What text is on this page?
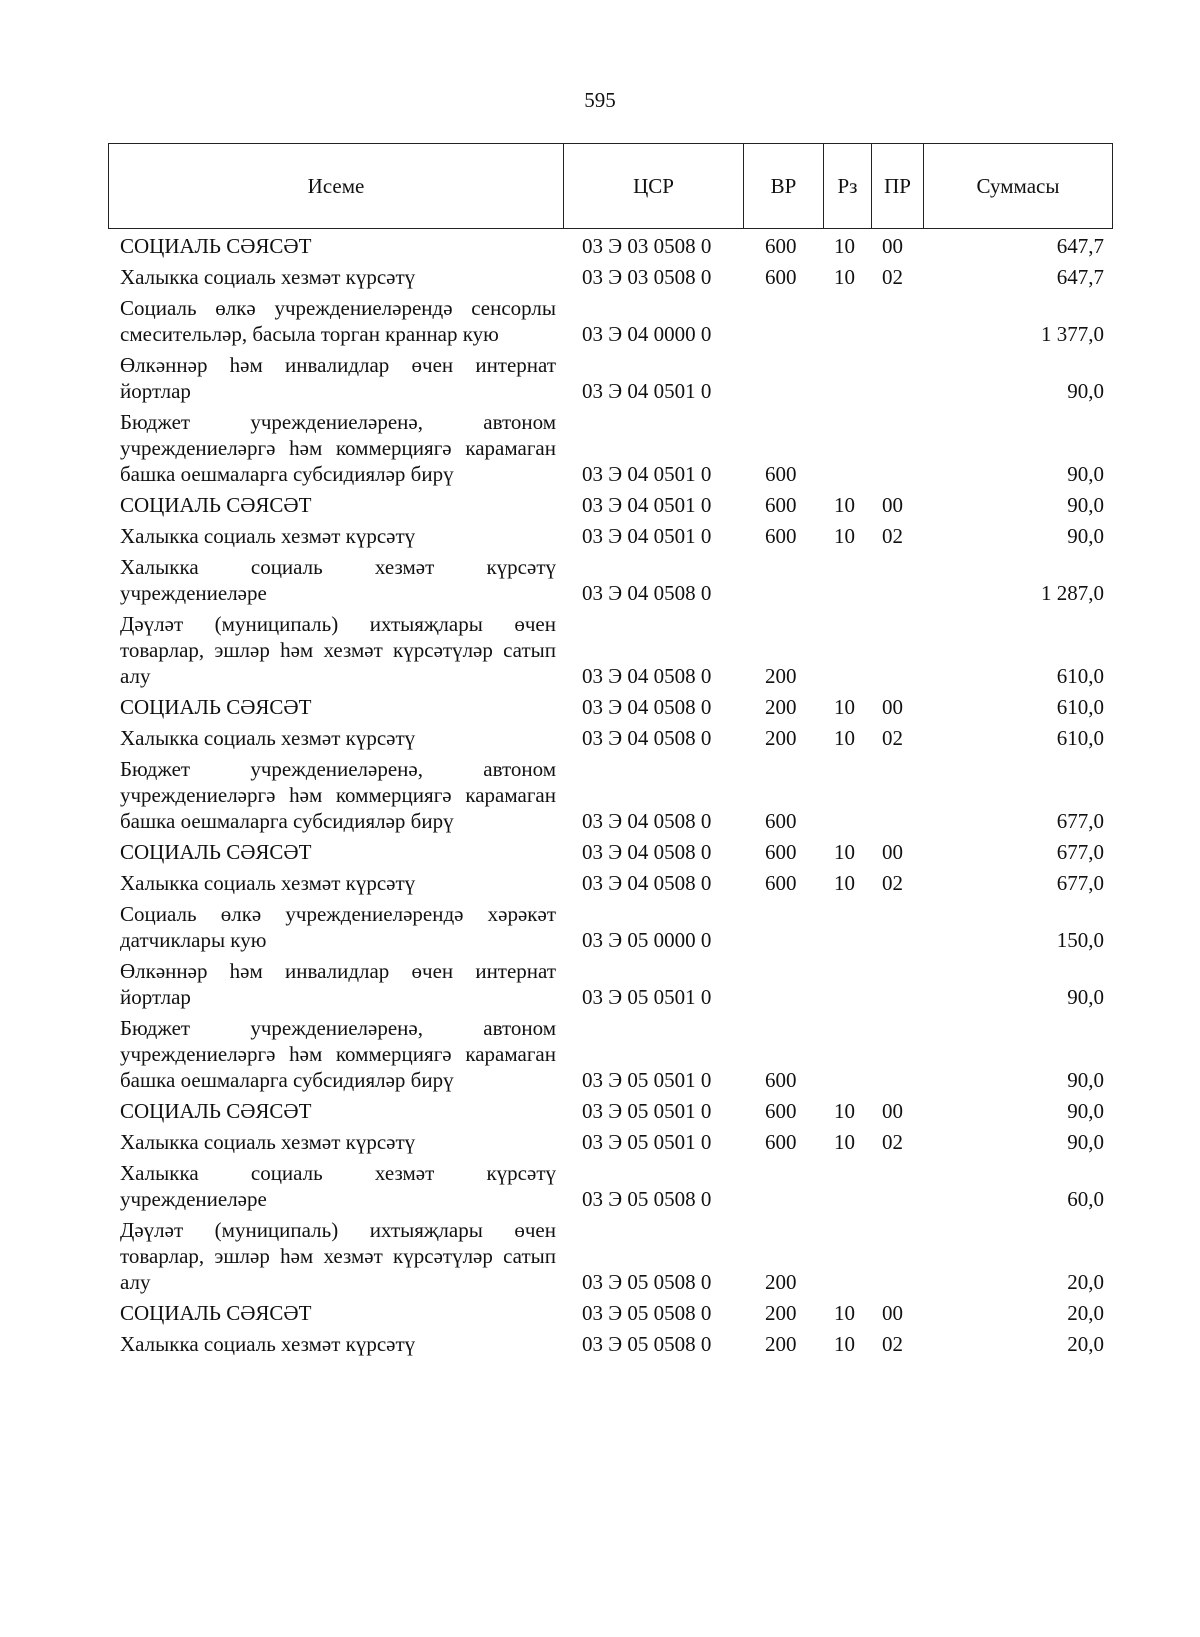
595
Исеме	ЦСР	ВР	Рз	ПР	Суммасы
СОЦИАЛЬ СӘЯСӘТ	03 Э 03 0508 0	600 10 00	647,7
Халыкка социаль хезмәт күрсәтү	03 Э 03 0508 0	600 10 02	647,7
Социаль өлкә учреждениеләрендә сенсорлы смесительләр, басыла торган краннар кую	03 Э 04 0000 0	1 377,0
Өлкәннәр һәм инвалидлар өчен интернат йортлар	03 Э 04 0501 0	90,0
Бюджет учреждениеләренә, автоном учреждениеләргә һәм коммерциягә карамаган башка оешмаларга субсидияләр бирү	03 Э 04 0501 0	600	90,0
СОЦИАЛЬ СӘЯСӘТ	03 Э 04 0501 0	600 10 00	90,0
Халыкка социаль хезмәт күрсәтү	03 Э 04 0501 0	600 10 02	90,0
Халыкка социаль хезмәт күрсәтү учреждениеләре	03 Э 04 0508 0	1 287,0
Дәүләт (муниципаль) ихтыяҗлары өчен товарлар, эшләр һәм хезмәт күрсәтүләр сатып алу	03 Э 04 0508 0	200	610,0
СОЦИАЛЬ СӘЯСӘТ	03 Э 04 0508 0	200 10 00	610,0
Халыкка социаль хезмәт күрсәтү	03 Э 04 0508 0	200 10 02	610,0
Бюджет учреждениеләренә, автоном учреждениеләргә һәм коммерциягә карамаган башка оешмаларга субсидияләр бирү	03 Э 04 0508 0	600	677,0
СОЦИАЛЬ СӘЯСӘТ	03 Э 04 0508 0	600 10 00	677,0
Халыкка социаль хезмәт күрсәтү	03 Э 04 0508 0	600 10 02	677,0
Социаль өлкә учреждениеләрендә хәрәкәт датчиклары кую	03 Э 05 0000 0	150,0
Өлкәннәр һәм инвалидлар өчен интернат йортлар	03 Э 05 0501 0	90,0
Бюджет учреждениеләренә, автоном учреждениеләргә һәм коммерциягә карамаган башка оешмаларга субсидияләр бирү	03 Э 05 0501 0	600	90,0
СОЦИАЛЬ СӘЯСӘТ	03 Э 05 0501 0	600 10 00	90,0
Халыкка социаль хезмәт күрсәтү	03 Э 05 0501 0	600 10 02	90,0
Халыкка социаль хезмәт күрсәтү учреждениеләре	03 Э 05 0508 0	60,0
Дәүләт (муниципаль) ихтыяҗлары өчен товарлар, эшләр һәм хезмәт күрсәтүләр сатып алу	03 Э 05 0508 0	200	20,0
СОЦИАЛЬ СӘЯСӘТ	03 Э 05 0508 0	200 10 00	20,0
Халыкка социаль хезмәт күрсәтү	03 Э 05 0508 0	200 10 02	20,0
